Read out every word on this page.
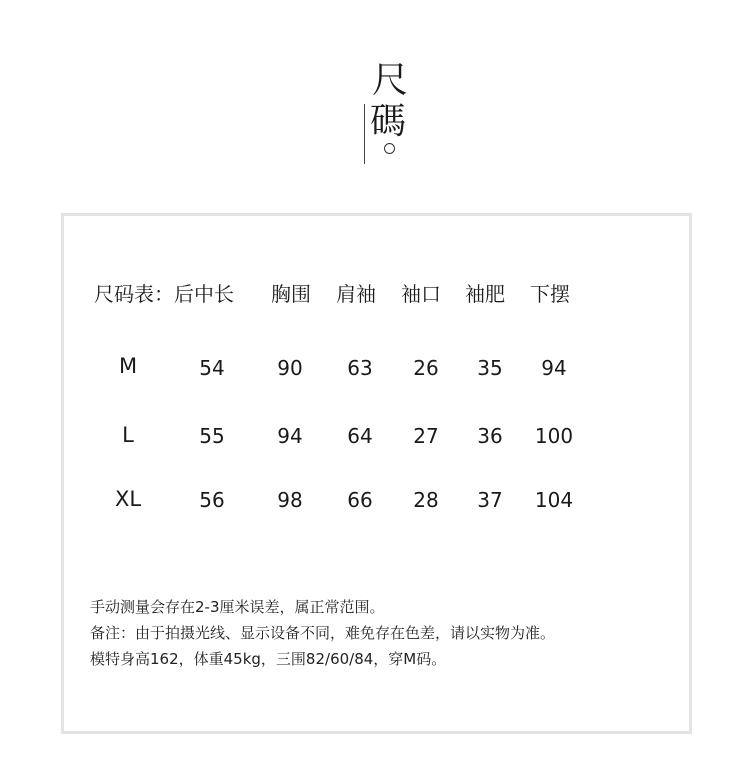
尺
碼
尺码表：后中长 胸围 肩袖 袖口 袖肥 下摆
M	54	90	63	26	35	94
L	55	94	64	27	36	100
XL	56	98	66	28	37	104
手动测量会存在2-3厘米误差，属正常范围。
备注：由于拍摄光线、显示设备不同，难免存在色差，请以实物为准。
模特身高162，体重45kg，三围82/60/84，穿M码。
